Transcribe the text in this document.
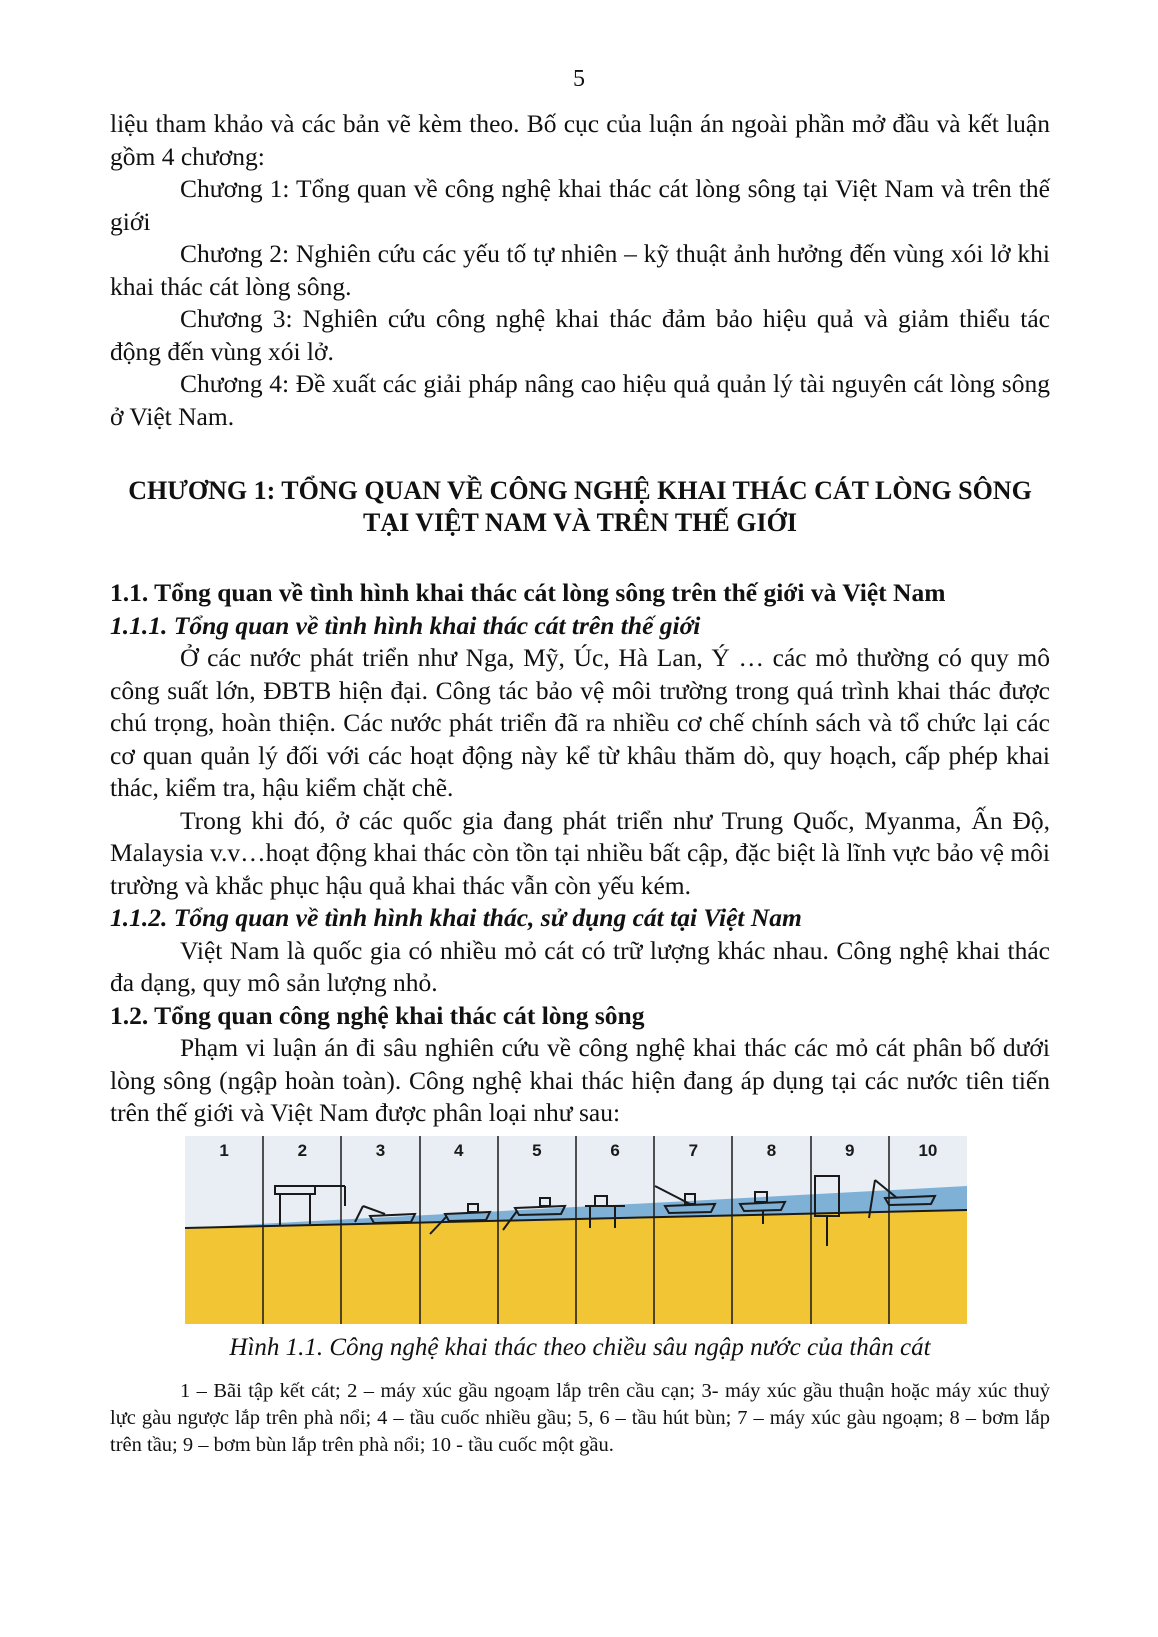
5

liệu tham khảo và các bản vẽ kèm theo. Bố cục của luận án ngoài phần mở đầu và kết luận gồm 4 chương:

Chương 1: Tổng quan về công nghệ khai thác cát lòng sông tại Việt Nam và trên thế giới

Chương 2: Nghiên cứu các yếu tố tự nhiên – kỹ thuật ảnh hưởng đến vùng xói lở khi khai thác cát lòng sông.

Chương 3: Nghiên cứu công nghệ khai thác đảm bảo hiệu quả và giảm thiểu tác động đến vùng xói lở.

Chương 4: Đề xuất các giải pháp nâng cao hiệu quả quản lý tài nguyên cát lòng sông ở Việt Nam.

CHƯƠNG 1: TỔNG QUAN VỀ CÔNG NGHỆ KHAI THÁC CÁT LÒNG SÔNG TẠI VIỆT NAM VÀ TRÊN THẾ GIỚI

1.1. Tổng quan về tình hình khai thác cát lòng sông trên thế giới và Việt Nam

1.1.1. Tổng quan về tình hình khai thác cát trên thế giới

Ở các nước phát triển như Nga, Mỹ, Úc, Hà Lan, Ý … các mỏ thường có quy mô công suất lớn, ĐBTB hiện đại. Công tác bảo vệ môi trường trong quá trình khai thác được chú trọng, hoàn thiện. Các nước phát triển đã ra nhiều cơ chế chính sách và tổ chức lại các cơ quan quản lý đối với các hoạt động này kể từ khâu thăm dò, quy hoạch, cấp phép khai thác, kiểm tra, hậu kiểm chặt chẽ.

Trong khi đó, ở các quốc gia đang phát triển như Trung Quốc, Myanma, Ấn Độ, Malaysia v.v…hoạt động khai thác còn tồn tại nhiều bất cập, đặc biệt là lĩnh vực bảo vệ môi trường và khắc phục hậu quả khai thác vẫn còn yếu kém.

1.1.2. Tổng quan về tình hình khai thác, sử dụng cát tại Việt Nam

Việt Nam là quốc gia có nhiều mỏ cát có trữ lượng khác nhau. Công nghệ khai thác đa dạng, quy mô sản lượng nhỏ.

1.2. Tổng quan công nghệ khai thác cát lòng sông

Phạm vi luận án đi sâu nghiên cứu về công nghệ khai thác các mỏ cát phân bố dưới lòng sông (ngập hoàn toàn). Công nghệ khai thác hiện đang áp dụng tại các nước tiên tiến trên thế giới và Việt Nam được phân loại như sau:

1	2	3	4	5	6	7	8	9	10

Hình 1.1. Công nghệ khai thác theo chiều sâu ngập nước của thân cát

1 – Bãi tập kết cát; 2 – máy xúc gầu ngoạm lắp trên cầu cạn; 3- máy xúc gầu thuận hoặc máy xúc thuỷ lực gàu ngược lắp trên phà nổi; 4 – tầu cuốc nhiều gầu; 5, 6 – tầu hút bùn; 7 – máy xúc gàu ngoạm; 8 – bơm lắp trên tầu; 9 – bơm bùn lắp trên phà nổi; 10 - tầu cuốc một gầu.
